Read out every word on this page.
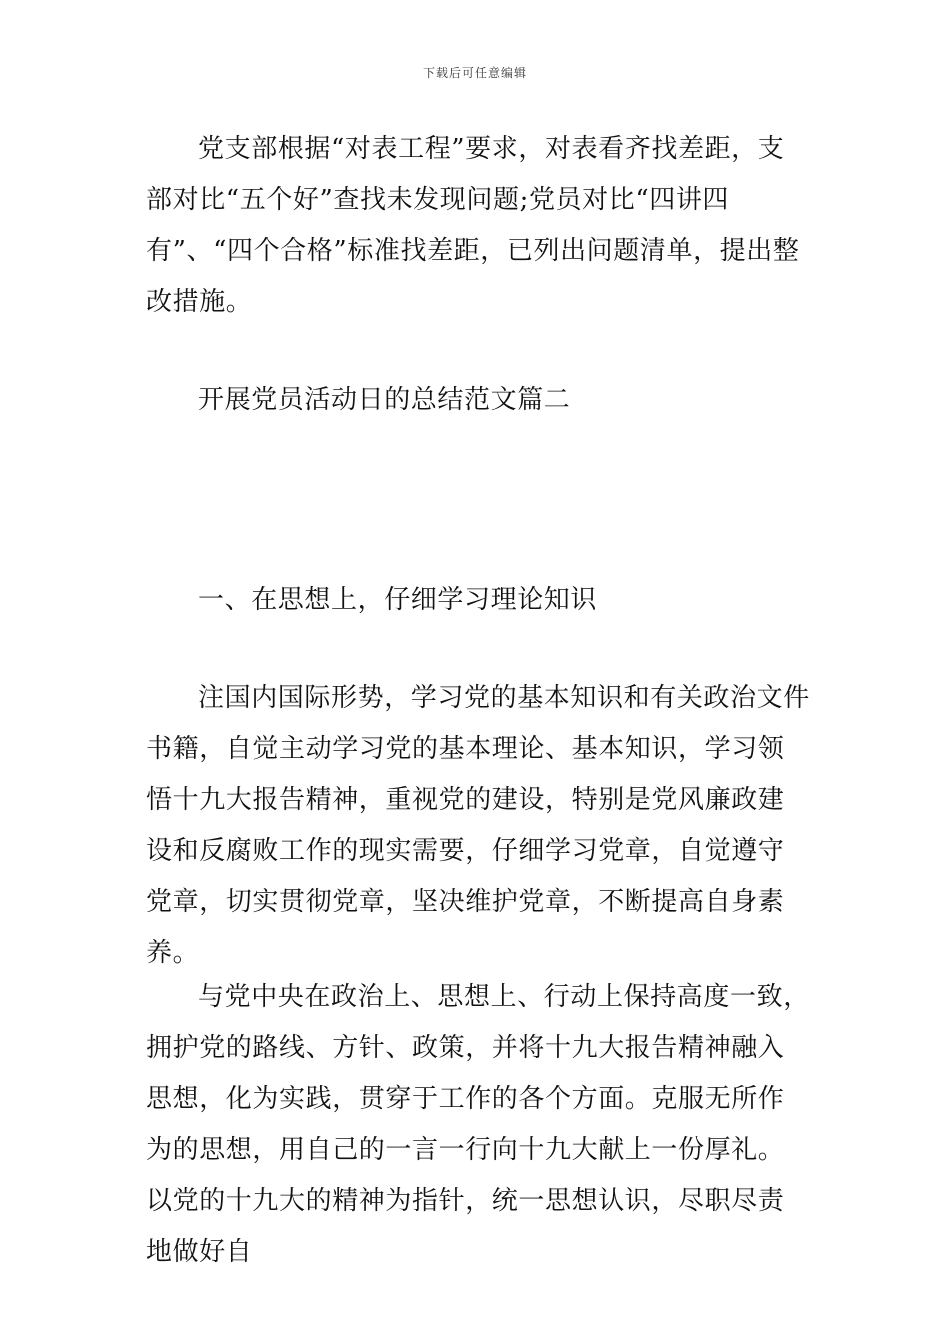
下载后可任意编辑

党支部根据“对表工程”要求，对表看齐找差距，支部对比“五个好”查找未发现问题;党员对比“四讲四有”、“四个合格”标准找差距，已列出问题清单，提出整改措施。

开展党员活动日的总结范文篇二

一、在思想上，仔细学习理论知识

注国内国际形势，学习党的基本知识和有关政治文件书籍，自觉主动学习党的基本理论、基本知识，学习领悟十九大报告精神，重视党的建设，特别是党风廉政建设和反腐败工作的现实需要，仔细学习党章，自觉遵守党章，切实贯彻党章，坚决维护党章，不断提高自身素养。

与党中央在政治上、思想上、行动上保持高度一致，拥护党的路线、方针、政策，并将十九大报告精神融入思想，化为实践，贯穿于工作的各个方面。克服无所作为的思想，用自己的一言一行向十九大献上一份厚礼。以党的十九大的精神为指针，统一思想认识，尽职尽责地做好自
